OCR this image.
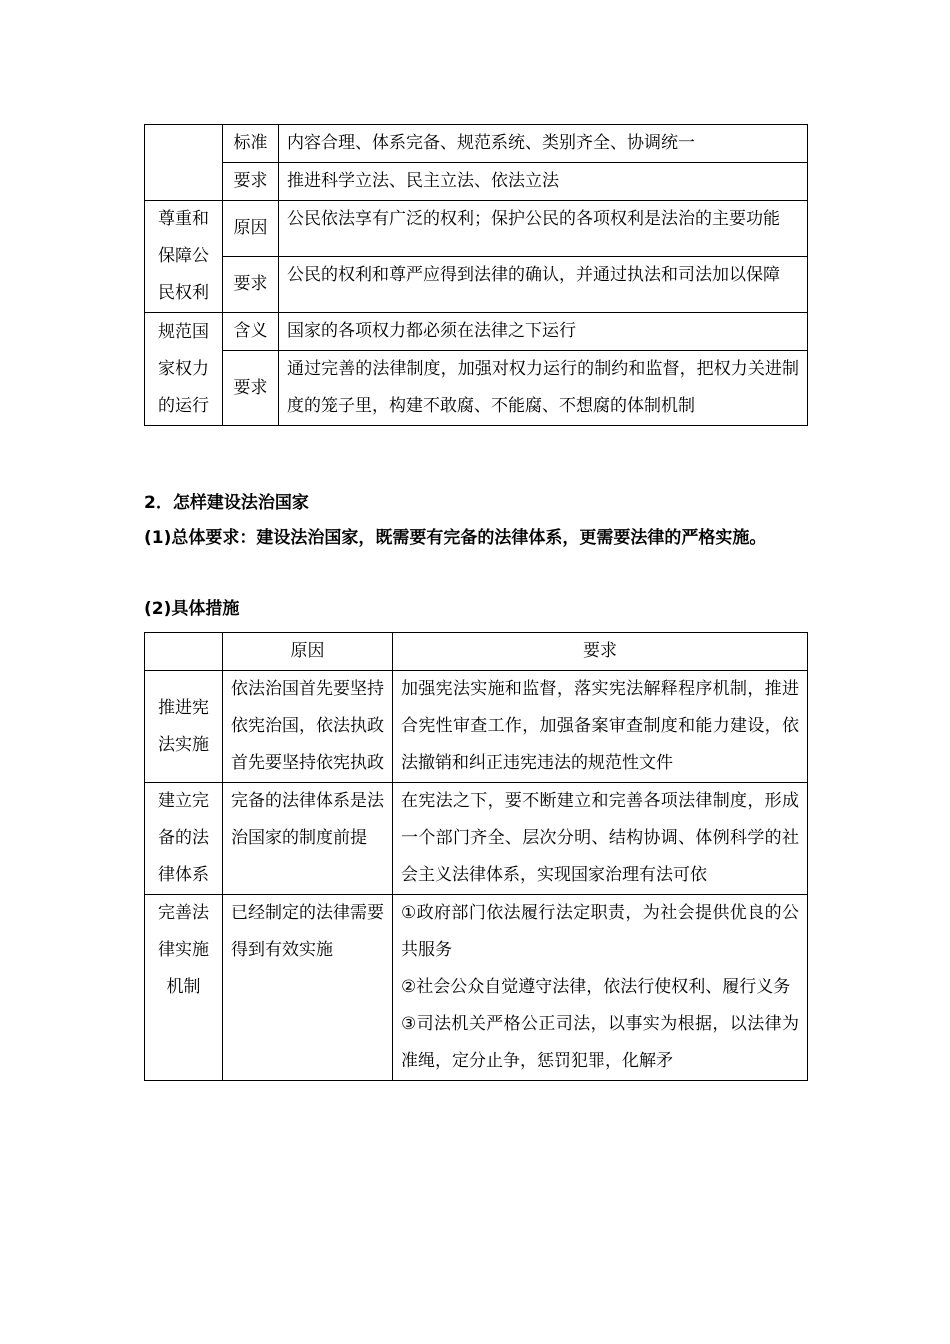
	标准	内容合理、体系完备、规范系统、类别齐全、协调统一
	要求	推进科学立法、民主立法、依法立法
尊重和保障公民权利	原因	公民依法享有广泛的权利；保护公民的各项权利是法治的主要功能
	要求	公民的权利和尊严应得到法律的确认，并通过执法和司法加以保障
规范国家权力的运行	含义	国家的各项权力都必须在法律之下运行
	要求	通过完善的法律制度，加强对权力运行的制约和监督，把权力关进制度的笼子里，构建不敢腐、不能腐、不想腐的体制机制
2．怎样建设法治国家
(1)总体要求：建设法治国家，既需要有完备的法律体系，更需要法律的严格实施。
(2)具体措施
	原因	要求
推进宪法实施	依法治国首先要坚持依宪治国，依法执政首先要坚持依宪执政	加强宪法实施和监督，落实宪法解释程序机制，推进合宪性审查工作，加强备案审查制度和能力建设，依法撤销和纠正违宪违法的规范性文件
建立完备的法律体系	完备的法律体系是法治国家的制度前提	在宪法之下，要不断建立和完善各项法律制度，形成一个部门齐全、层次分明、结构协调、体例科学的社会主义法律体系，实现国家治理有法可依
完善法律实施机制	已经制定的法律需要得到有效实施	①政府部门依法履行法定职责，为社会提供优良的公共服务
②社会公众自觉遵守法律，依法行使权利、履行义务
③司法机关严格公正司法，以事实为根据，以法律为准绳，定分止争，惩罚犯罪，化解矛
